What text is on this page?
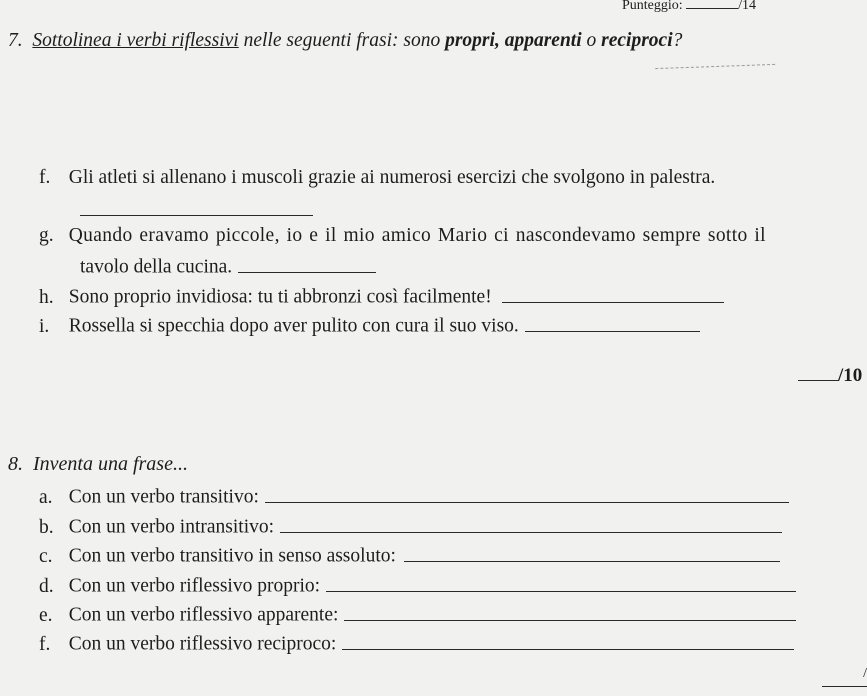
Punteggio:	/14
7. Sottolinea i verbi riflessivi nelle seguenti frasi: sono propri, apparenti o reciproci?
f. Gli atleti si allenano i muscoli grazie ai numerosi esercizi che svolgono in palestra.
g. Quando eravamo piccole, io e il mio amico Mario ci nascondevamo sempre sotto il
tavolo della cucina.
h. Sono proprio invidiosa: tu ti abbronzi così facilmente!
i. Rossella si specchia dopo aver pulito con cura il suo viso.
/10
8. Inventa una frase...
a. Con un verbo transitivo:
b. Con un verbo intransitivo:
c. Con un verbo transitivo in senso assoluto:
d. Con un verbo riflessivo proprio:
e. Con un verbo riflessivo apparente:
f. Con un verbo riflessivo reciproco:
/
